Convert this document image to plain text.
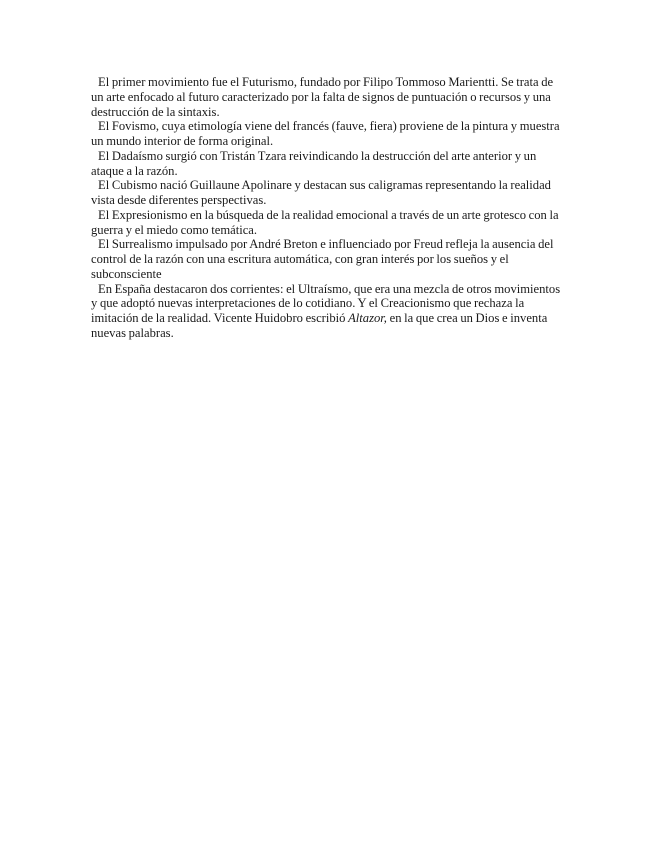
El primer movimiento fue el Futurismo, fundado por Filipo Tommoso Marientti. Se trata de un arte enfocado al futuro caracterizado por la falta de signos de puntuación o recursos y una destrucción de la sintaxis.

El Fovismo, cuya etimología viene del francés (fauve, fiera) proviene de la pintura y muestra un mundo interior de forma original.

El Dadaísmo surgió con Tristán Tzara reivindicando la destrucción del arte anterior y un ataque a la razón.

El Cubismo nació Guillaune Apolinare y destacan sus caligramas representando la realidad vista desde diferentes perspectivas.

El Expresionismo en la búsqueda de la realidad emocional a través de un arte grotesco con la guerra y el miedo como temática.

El Surrealismo impulsado por André Breton e influenciado por Freud refleja la ausencia del control de la razón con una escritura automática, con gran interés por los sueños y el subconsciente

En España destacaron dos corrientes: el Ultraísmo, que era una mezcla de otros movimientos y que adoptó nuevas interpretaciones de lo cotidiano. Y el Creacionismo que rechaza la imitación de la realidad. Vicente Huidobro escribió Altazor, en la que crea un Dios e inventa nuevas palabras.
